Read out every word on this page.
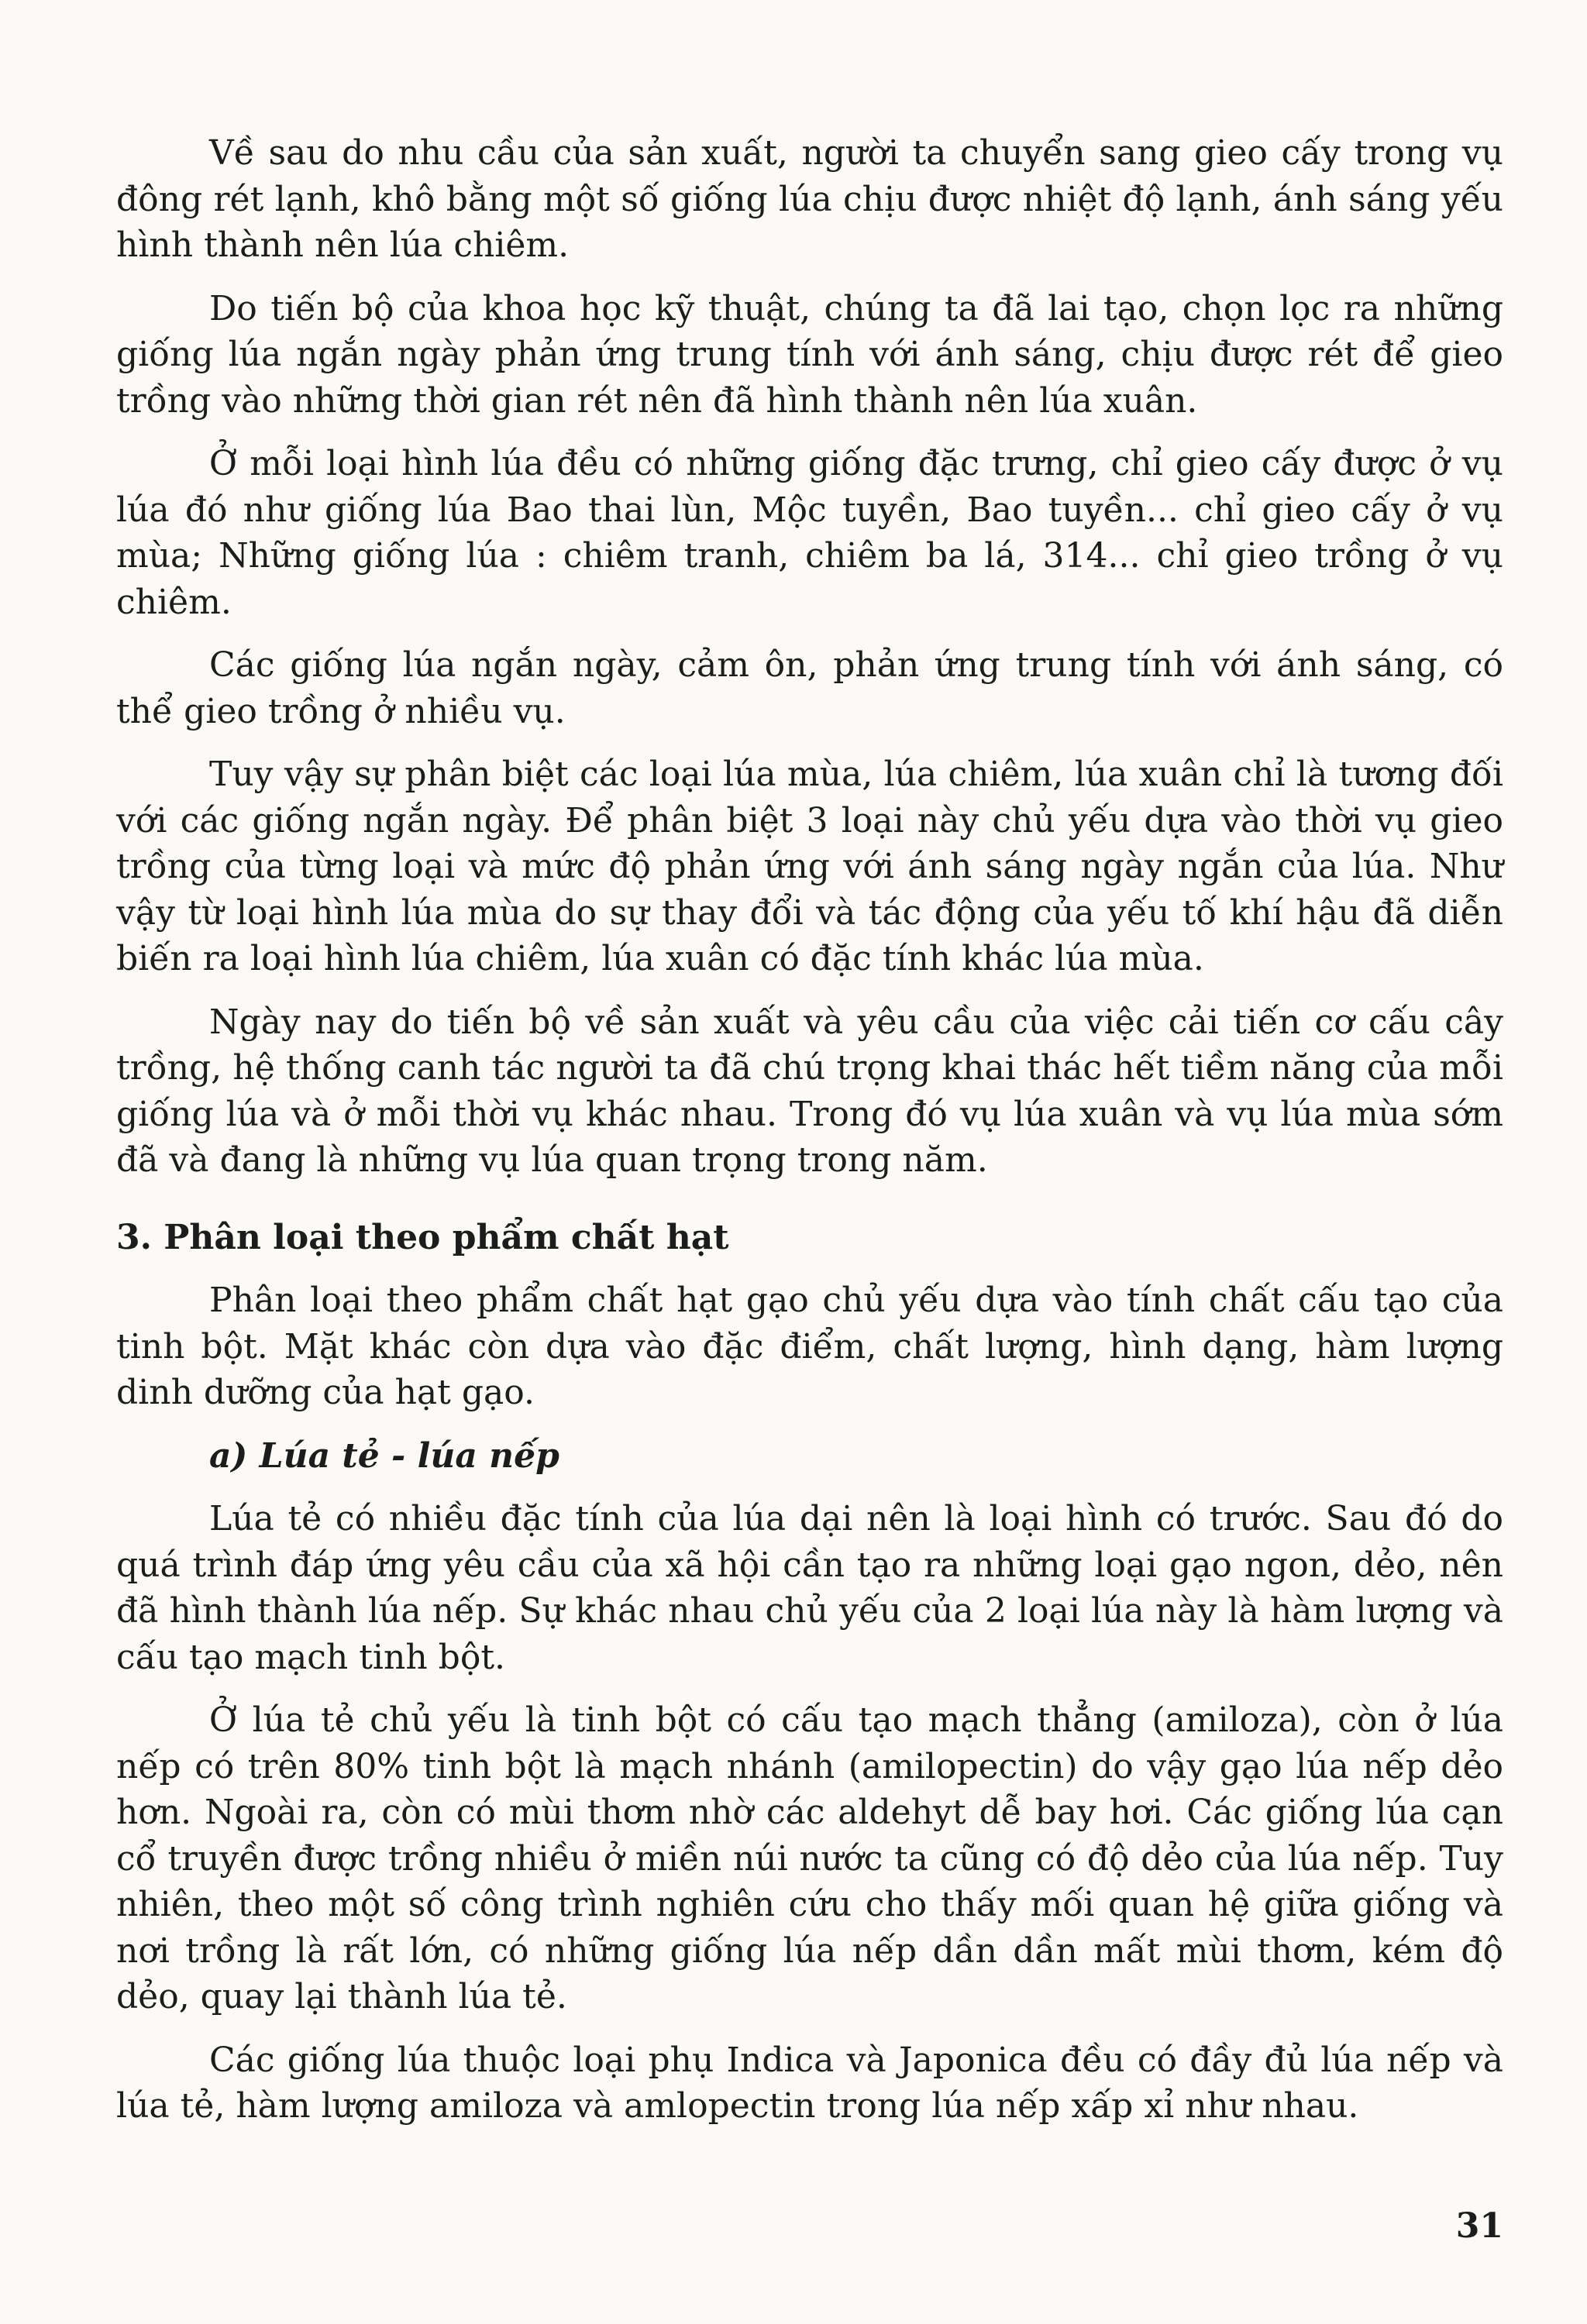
Về sau do nhu cầu của sản xuất, người ta chuyển sang gieo cấy trong vụ đông rét lạnh, khô bằng một số giống lúa chịu được nhiệt độ lạnh, ánh sáng yếu hình thành nên lúa chiêm.

Do tiến bộ của khoa học kỹ thuật, chúng ta đã lai tạo, chọn lọc ra những giống lúa ngắn ngày phản ứng trung tính với ánh sáng, chịu được rét để gieo trồng vào những thời gian rét nên đã hình thành nên lúa xuân.

Ở mỗi loại hình lúa đều có những giống đặc trưng, chỉ gieo cấy được ở vụ lúa đó như giống lúa Bao thai lùn, Mộc tuyền, Bao tuyền... chỉ gieo cấy ở vụ mùa; Những giống lúa : chiêm tranh, chiêm ba lá, 314... chỉ gieo trồng ở vụ chiêm.

Các giống lúa ngắn ngày, cảm ôn, phản ứng trung tính với ánh sáng, có thể gieo trồng ở nhiều vụ.

Tuy vậy sự phân biệt các loại lúa mùa, lúa chiêm, lúa xuân chỉ là tương đối với các giống ngắn ngày. Để phân biệt 3 loại này chủ yếu dựa vào thời vụ gieo trồng của từng loại và mức độ phản ứng với ánh sáng ngày ngắn của lúa. Như vậy từ loại hình lúa mùa do sự thay đổi và tác động của yếu tố khí hậu đã diễn biến ra loại hình lúa chiêm, lúa xuân có đặc tính khác lúa mùa.

Ngày nay do tiến bộ về sản xuất và yêu cầu của việc cải tiến cơ cấu cây trồng, hệ thống canh tác người ta đã chú trọng khai thác hết tiềm năng của mỗi giống lúa và ở mỗi thời vụ khác nhau. Trong đó vụ lúa xuân và vụ lúa mùa sớm đã và đang là những vụ lúa quan trọng trong năm.

3. Phân loại theo phẩm chất hạt

Phân loại theo phẩm chất hạt gạo chủ yếu dựa vào tính chất cấu tạo của tinh bột. Mặt khác còn dựa vào đặc điểm, chất lượng, hình dạng, hàm lượng dinh dưỡng của hạt gạo.

a) Lúa tẻ - lúa nếp

Lúa tẻ có nhiều đặc tính của lúa dại nên là loại hình có trước. Sau đó do quá trình đáp ứng yêu cầu của xã hội cần tạo ra những loại gạo ngon, dẻo, nên đã hình thành lúa nếp. Sự khác nhau chủ yếu của 2 loại lúa này là hàm lượng và cấu tạo mạch tinh bột.

Ở lúa tẻ chủ yếu là tinh bột có cấu tạo mạch thẳng (amiloza), còn ở lúa nếp có trên 80% tinh bột là mạch nhánh (amilopectin) do vậy gạo lúa nếp dẻo hơn. Ngoài ra, còn có mùi thơm nhờ các aldehyt dễ bay hơi. Các giống lúa cạn cổ truyền được trồng nhiều ở miền núi nước ta cũng có độ dẻo của lúa nếp. Tuy nhiên, theo một số công trình nghiên cứu cho thấy mối quan hệ giữa giống và nơi trồng là rất lớn, có những giống lúa nếp dần dần mất mùi thơm, kém độ dẻo, quay lại thành lúa tẻ.

Các giống lúa thuộc loại phụ Indica và Japonica đều có đầy đủ lúa nếp và lúa tẻ, hàm lượng amiloza và amlopectin trong lúa nếp xấp xỉ như nhau.

31
